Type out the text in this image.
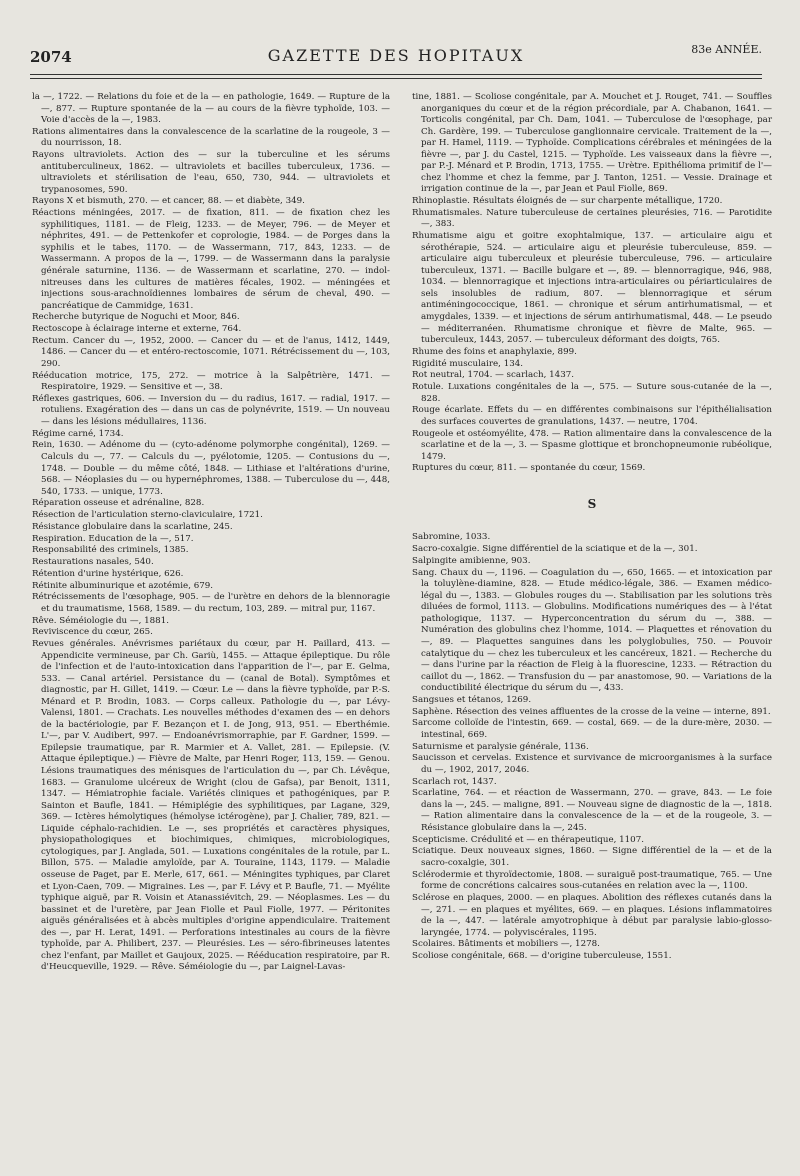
2074	GAZETTE DES HOPITAUX	83e ANNÉE.

la —, 1722. — Relations du foie et de la — en pathologie, 1649. — Rupture de la —, 877. — Rupture spontanée de la — au cours de la fièvre typhoïde, 103. — Voie d'accès de la —, 1983.

Rations alimentaires dans la convalescence de la scarlatine de la rougeole, 3 — du nourrisson, 18.

Rayons ultraviolets. Action des — sur la tuberculine et les sérums antituberculineux, 1862. — ultraviolets et bacilles tuberculeux, 1736. — ultraviolets et stérilisation de l'eau, 650, 730, 944. — ultraviolets et trypanosomes, 590.

Rayons X et bismuth, 270. — et cancer, 88. — et diabète, 349.

Réactions méningées, 2017. — de fixation, 811. — de fixation chez les syphilitiques, 1181. — de Fleig, 1233. — de Meyer, 796. — de Meyer et néphrites, 491. — de Pettenkofer et coprologie, 1984. — de Porges dans la syphilis et le tabes, 1170. — de Wassermann, 717, 843, 1233. — de Wassermann. A propos de la —, 1799. — de Wassermann dans la paralysie générale saturnine, 1136. — de Wassermann et scarlatine, 270. — indol-nitreuses dans les cultures de matières fécales, 1902. — méningées et injections sous-arachnoïdiennes lombaires de sérum de cheval, 490. — pancréatique de Cammidge, 1631.

Recherche butyrique de Noguchi et Moor, 846.

Rectoscope à éclairage interne et externe, 764.

Rectum. Cancer du —, 1952, 2000. — Cancer du — et de l'anus, 1412, 1449, 1486. — Cancer du — et entéro-rectoscomie, 1071. Rétrécissement du —, 103, 290.

Rééducation motrice, 175, 272. — motrice à la Salpêtrière, 1471. — Respiratoire, 1929. — Sensitive et —, 38.

Réflexes gastriques, 606. — Inversion du — du radius, 1617. — radial, 1917. — rotuliens. Exagération des — dans un cas de polynévrite, 1519. — Un nouveau — dans les lésions médullaires, 1136.

Régime carné, 1734.

Rein, 1630. — Adénome du — (cyto-adénome polymorphe congénital), 1269. — Calculs du —, 77. — Calculs du —, pyélotomie, 1205. — Contusions du —, 1748. — Double — du même côté, 1848. — Lithiase et l'altérations d'urine, 568. — Néoplasies du — ou hypernéphromes, 1388. — Tuberculose du —, 448, 540, 1733. — unique, 1773.

Réparation osseuse et adrénaline, 828.

Résection de l'articulation sterno-claviculaire, 1721.

Résistance globulaire dans la scarlatine, 245.

Respiration. Education de la —, 517.

Responsabilité des criminels, 1385.

Restaurations nasales, 540.

Rétention d'urine hystérique, 626.

Rétinite albuminurique et azotémie, 679.

Rétrécissements de l'œsophage, 905. — de l'urètre en dehors de la blennoragie et du traumatisme, 1568, 1589. — du rectum, 103, 289. — mitral pur, 1167.

Rêve. Séméiologie du —, 1881.

Reviviscence du cœur, 265.

Revues générales. Anévrismes pariétaux du cœur, par H. Paillard, 413. — Appendicite vermineuse, par Ch. Gariù, 1455. — Attaque épileptique. Du rôle de l'infection et de l'auto-intoxication dans l'apparition de l'—, par E. Gelma, 533. — Canal artériel. Persistance du — (canal de Botal). Symptômes et diagnostic, par H. Gillet, 1419. — Cœur. Le — dans la fièvre typhoïde, par P.-S. Ménard et P. Brodin, 1083. — Corps calleux. Pathologie du —, par Lévy-Valensi, 1801. — Crachats. Les nouvelles méthodes d'examen des — en dehors de la bactériologie, par F. Bezançon et I. de Jong, 913, 951. — Eberthémie. L'—, par V. Audibert, 997. — Endoanévrismorraphie, par F. Gardner, 1599. — Epilepsie traumatique, par R. Marmier et A. Vallet, 281. — Epilepsie. (V. Attaque épileptique.) — Fièvre de Malte, par Henri Roger, 113, 159. — Genou. Lésions traumatiques des ménisques de l'articulation du —, par Ch. Lévêque, 1683. — Granulome ulcéreux de Wright (clou de Gafsa), par Benoit, 1311, 1347. — Hémiatrophie faciale. Variétés cliniques et pathogéniques, par P. Sainton et Baufle, 1841. — Hémiplégie des syphilitiques, par Lagane, 329, 369. — Ictères hémolytiques (hémolyse ictérogène), par J. Chalier, 789, 821. — Liquide céphalo-rachidien. Le —, ses propriétés et caractères physiques, physiopathologiques et biochimiques, chimiques, microbiologiques, cytologiques, par J. Anglada, 501. — Luxations congénitales de la rotule, par L. Billon, 575. — Maladie amyloïde, par A. Touraine, 1143, 1179. — Maladie osseuse de Paget, par E. Merle, 617, 661. — Méningites typhiques, par Claret et Lyon-Caen, 709. — Migraines. Les —, par F. Lévy et P. Baufle, 71. — Myélite typhique aiguë, par R. Voisin et Atanassiévitch, 29. — Néoplasmes. Les — du bassinet et de l'uretère, par Jean Fiolle et Paul Fiolle, 1977. — Péritonites aiguës généralisées et à abcès multiples d'origine appendiculaire. Traitement des —, par H. Lerat, 1491. — Perforations intestinales au cours de la fièvre typhoïde, par A. Philibert, 237. — Pleurésies. Les — séro-fibrineuses latentes chez l'enfant, par Maillet et Gaujoux, 2025. — Rééducation respiratoire, par R. d'Heucqueville, 1929. — Rêve. Séméiologie du —, par Laignel-Lavas-

tine, 1881. — Scoliose congénitale, par A. Mouchet et J. Rouget, 741. — Souffles anorganiques du cœur et de la région précordiale, par A. Chabanon, 1641. — Torticolis congénital, par Ch. Dam, 1041. — Tuberculose de l'œsophage, par Ch. Gardère, 199. — Tuberculose ganglionnaire cervicale. Traitement de la —, par H. Hamel, 1119. — Typhoïde. Complications cérébrales et méningées de la fièvre —, par J. du Castel, 1215. — Typhoïde. Les vaisseaux dans la fièvre —, par P.-J. Ménard et P. Brodin, 1713, 1755. — Urètre. Epithélioma primitif de l'— chez l'homme et chez la femme, par J. Tanton, 1251. — Vessie. Drainage et irrigation continue de la —, par Jean et Paul Fiolle, 869.

Rhinoplastie. Résultats éloignés de — sur charpente métallique, 1720.

Rhumatismales. Nature tuberculeuse de certaines pleurésies, 716. — Parotidite —, 383.

Rhumatisme aigu et goitre exophtalmique, 137. — articulaire aigu et sérothérapie, 524. — articulaire aigu et pleurésie tuberculeuse, 859. — articulaire aigu tuberculeux et pleurésie tuberculeuse, 796. — articulaire tuberculeux, 1371. — Bacille bulgare et —, 89. — blennorragique, 946, 988, 1034. — blennorragique et injections intra-articulaires ou périarticulaires de sels insolubles de radium, 807. — blennorragique et sérum antiméningococcique, 1861. — chronique et sérum antirhumatismal, — et amygdales, 1339. — et injections de sérum antirhumatismal, 448. — Le pseudo — méditerranéen. Rhumatisme chronique et fièvre de Malte, 965. — tuberculeux, 1443, 2057. — tuberculeux déformant des doigts, 765.

Rhume des foins et anaphylaxie, 899.

Rigidité musculaire, 134.

Rot neutral, 1704. — scarlach, 1437.

Rotule. Luxations congénitales de la —, 575. — Suture sous-cutanée de la —, 828.

Rouge écarlate. Effets du — en différentes combinaisons sur l'épithélialisation des surfaces couvertes de granulations, 1437. — neutre, 1704.

Rougeole et ostéomyélite, 478. — Ration alimentaire dans la convalescence de la scarlatine et de la —, 3. — Spasme glottique et bronchopneumonie rubéolique, 1479.

Ruptures du cœur, 811. — spontanée du cœur, 1569.

S

Sabromine, 1033.

Sacro-coxalgie. Signe différentiel de la sciatique et de la —, 301.

Salpingite amibienne, 903.

Sang. Chaux du —, 1196. — Coagulation du —, 650, 1665. — et intoxication par la toluylène-diamine, 828. — Etude médico-légale, 386. — Examen médico-légal du —, 1383. — Globules rouges du —. Stabilisation par les solutions très diluées de formol, 1113. — Globulins. Modifications numériques des — à l'état pathologique, 1137. — Hyperconcentration du sérum du —, 388. — Numération des globulins chez l'homme, 1014. — Plaquettes et rénovation du —, 89. — Plaquettes sanguines dans les polyglobulies, 750. — Pouvoir catalytique du — chez les tuberculeux et les cancéreux, 1821. — Recherche du — dans l'urine par la réaction de Fleig à la fluorescine, 1233. — Rétraction du caillot du —, 1862. — Transfusion du — par anastomose, 90. — Variations de la conductibilité électrique du sérum du —, 433.

Sangsues et tétanos, 1269.

Saphène. Résection des veines affluentes de la crosse de la veine — interne, 891.

Sarcome colloïde de l'intestin, 669. — costal, 669. — de la dure-mère, 2030. — intestinal, 669.

Saturnisme et paralysie générale, 1136.

Saucisson et cervelas. Existence et survivance de microorganismes à la surface du —, 1902, 2017, 2046.

Scarlach rot, 1437.

Scarlatine, 764. — et réaction de Wassermann, 270. — grave, 843. — Le foie dans la —, 245. — maligne, 891. — Nouveau signe de diagnostic de la —, 1818. — Ration alimentaire dans la convalescence de la — et de la rougeole, 3. — Résistance globulaire dans la —, 245.

Scepticisme. Crédulité et — en thérapeutique, 1107.

Sciatique. Deux nouveaux signes, 1860. — Signe différentiel de la — et de la sacro-coxalgie, 301.

Sclérodermie et thyroïdectomie, 1808. — suraiguë post-traumatique, 765. — Une forme de concrétions calcaires sous-cutanées en relation avec la —, 1100.

Sclérose en plaques, 2000. — en plaques. Abolition des réflexes cutanés dans la —, 271. — en plaques et myélites, 669. — en plaques. Lésions inflammatoires de la —, 447. — latérale amyotrophique à début par paralysie labio-glosso-laryngée, 1774. — polyviscérales, 1195.

Scolaires. Bâtiments et mobiliers —, 1278.

Scoliose congénitale, 668. — d'origine tuberculeuse, 1551.
